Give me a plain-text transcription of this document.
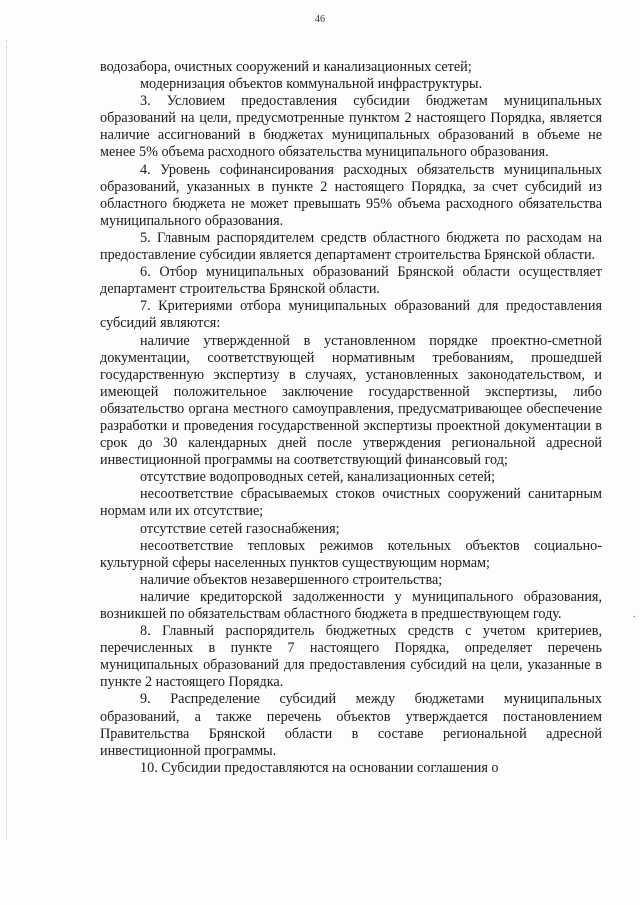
46

водозабора, очистных сооружений и канализационных сетей;

модернизация объектов коммунальной инфраструктуры.

3. Условием предоставления субсидии бюджетам муниципальных образований на цели, предусмотренные пунктом 2 настоящего Порядка, является наличие ассигнований в бюджетах муниципальных образований в объеме не менее 5% объема расходного обязательства муниципального образования.

4. Уровень софинансирования расходных обязательств муниципальных образований, указанных в пункте 2 настоящего Порядка, за счет субсидий из областного бюджета не может превышать 95% объема расходного обязательства муниципального образования.

5. Главным распорядителем средств областного бюджета по расходам на предоставление субсидии является департамент строительства Брянской области.

6. Отбор муниципальных образований Брянской области осуществляет департамент строительства Брянской области.

7. Критериями отбора муниципальных образований для предоставления субсидий являются:

наличие утвержденной в установленном порядке проектно-сметной документации, соответствующей нормативным требованиям, прошедшей государственную экспертизу в случаях, установленных законодательством, и имеющей положительное заключение государственной экспертизы, либо обязательство органа местного самоуправления, предусматривающее обеспечение разработки и проведения государственной экспертизы проектной документации в срок до 30 календарных дней после утверждения региональной адресной инвестиционной программы на соответствующий финансовый год;

отсутствие водопроводных сетей, канализационных сетей;

несоответствие сбрасываемых стоков очистных сооружений санитарным нормам или их отсутствие;

отсутствие сетей газоснабжения;

несоответствие тепловых режимов котельных объектов социально-культурной сферы населенных пунктов существующим нормам;

наличие объектов незавершенного строительства;

наличие кредиторской задолженности у муниципального образования, возникшей по обязательствам областного бюджета в предшествующем году.

8. Главный распорядитель бюджетных средств с учетом критериев, перечисленных в пункте 7 настоящего Порядка, определяет перечень муниципальных образований для предоставления субсидий на цели, указанные в пункте 2 настоящего Порядка.

9. Распределение субсидий между бюджетами муниципальных образований, а также перечень объектов утверждается постановлением Правительства Брянской области в составе региональной адресной инвестиционной программы.

10. Субсидии предоставляются на основании соглашения о

·
